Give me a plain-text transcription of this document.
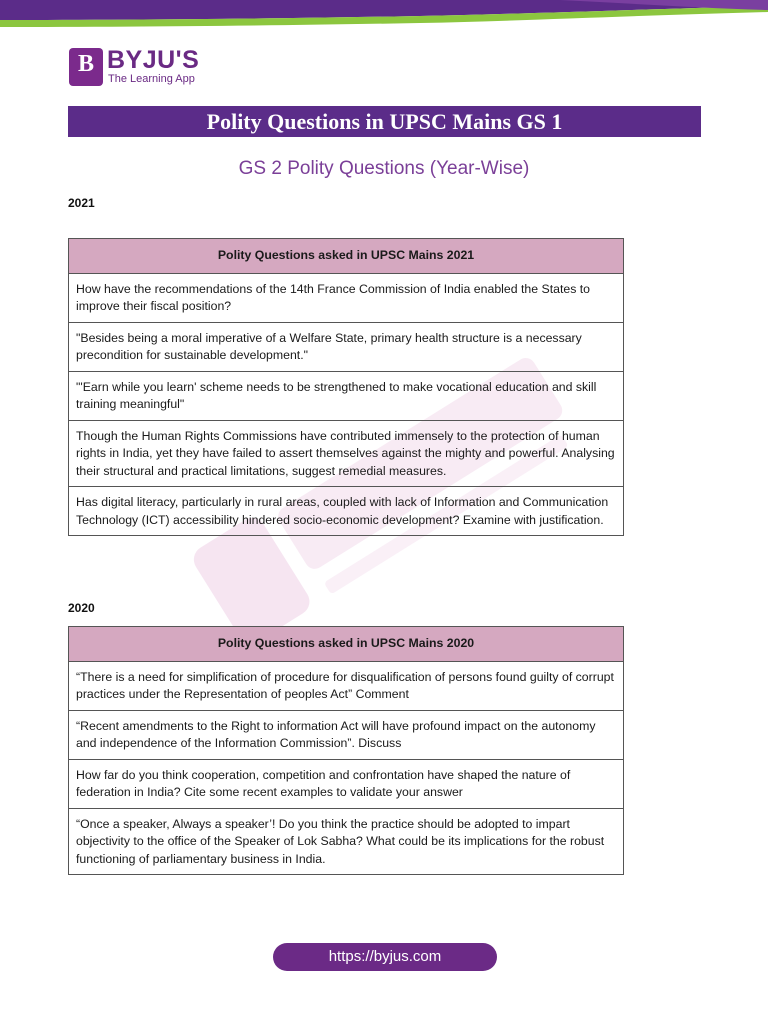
B BYJU'S
The Learning App
Polity Questions in UPSC Mains GS 1
GS 2 Polity Questions (Year-Wise)
2021
Polity Questions asked in UPSC Mains 2021
How have the recommendations of the 14th France Commission of India enabled the States to improve their fiscal position?
"Besides being a moral imperative of a Welfare State, primary health structure is a necessary precondition for sustainable development."
"'Earn while you learn' scheme needs to be strengthened to make vocational education and skill training meaningful"
Though the Human Rights Commissions have contributed immensely to the protection of human rights in India, yet they have failed to assert themselves against the mighty and powerful. Analysing their structural and practical limitations, suggest remedial measures.
Has digital literacy, particularly in rural areas, coupled with lack of Information and Communication Technology (ICT) accessibility hindered socio-economic development? Examine with justification.
2020
Polity Questions asked in UPSC Mains 2020
“There is a need for simplification of procedure for disqualification of persons found guilty of corrupt practices under the Representation of peoples Act” Comment
“Recent amendments to the Right to information Act will have profound impact on the autonomy and independence of the Information Commission”. Discuss
How far do you think cooperation, competition and confrontation have shaped the nature of federation in India? Cite some recent examples to validate your answer
“Once a speaker, Always a speaker’! Do you think the practice should be adopted to impart objectivity to the office of the Speaker of Lok Sabha? What could be its implications for the robust functioning of parliamentary business in India.
https://byjus.com
